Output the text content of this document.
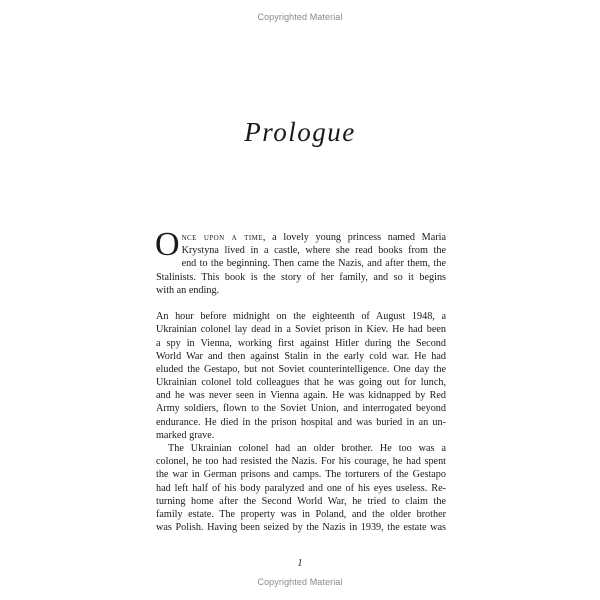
Copyrighted Material
Prologue
O nce upon a time, a lovely young princess named Maria
Krystyna lived in a castle, where she read books from the
end to the beginning. Then came the Nazis, and after them, the
Stalinists. This book is the story of her family, and so it begins
with an ending.
An hour before midnight on the eighteenth of August 1948, a
Ukrainian colonel lay dead in a Soviet prison in Kiev. He had been
a spy in Vienna, working first against Hitler during the Second
World War and then against Stalin in the early cold war. He had
eluded the Gestapo, but not Soviet counterintelligence. One day the
Ukrainian colonel told colleagues that he was going out for lunch,
and he was never seen in Vienna again. He was kidnapped by Red
Army soldiers, flown to the Soviet Union, and interrogated beyond
endurance. He died in the prison hospital and was buried in an un-
marked grave.
The Ukrainian colonel had an older brother. He too was a
colonel, he too had resisted the Nazis. For his courage, he had spent
the war in German prisons and camps. The torturers of the Gestapo
had left half of his body paralyzed and one of his eyes useless. Re-
turning home after the Second World War, he tried to claim the
family estate. The property was in Poland, and the older brother
was Polish. Having been seized by the Nazis in 1939, the estate was
1
Copyrighted Material
